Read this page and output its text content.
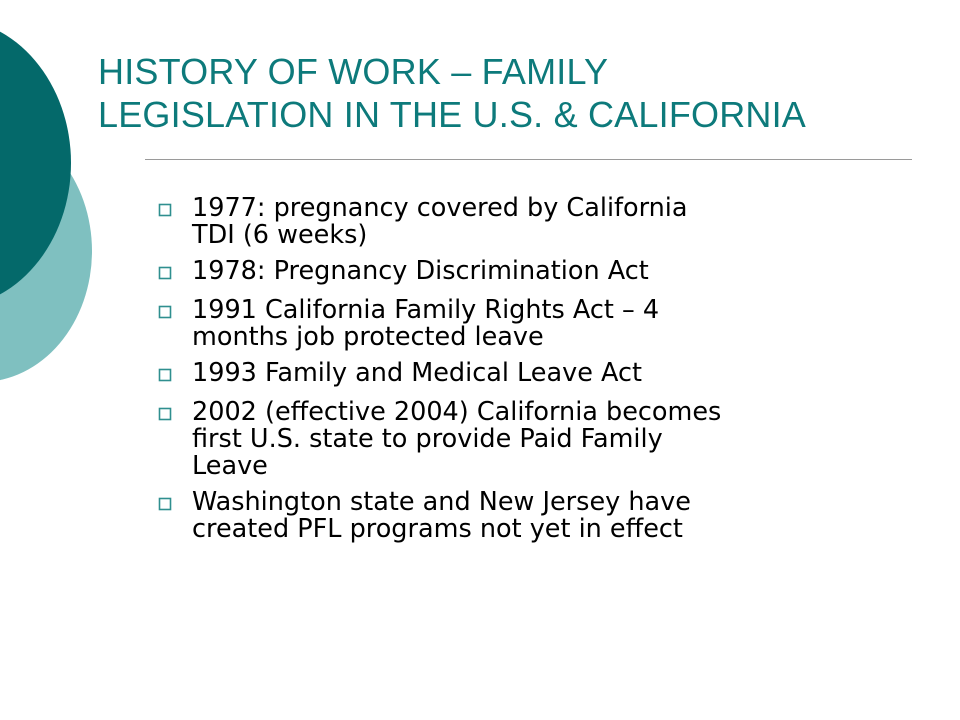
HISTORY OF WORK – FAMILY
LEGISLATION IN THE U.S. & CALIFORNIA
1977: pregnancy covered by California
TDI (6 weeks)
1978: Pregnancy Discrimination Act
1991 California Family Rights Act – 4
months job protected leave
1993 Family and Medical Leave Act
2002 (effective 2004) California becomes
first U.S. state to provide Paid Family
Leave
Washington state and New Jersey have
created PFL programs not yet in effect
